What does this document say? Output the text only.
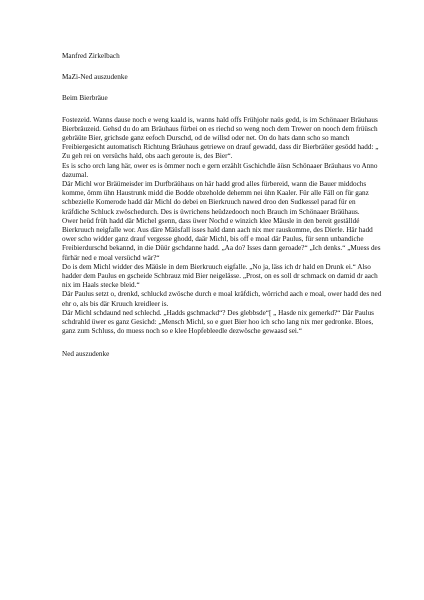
Manfred Zirkelbach

MaZi-Ned auszudenke

Beim Bierbräue

Fostezeid. Wanns dause noch e weng kaald is, wanns hald offs Frühjohr naüs gedd, is im Schönaaer Bräuhaus Bierbräuzeid. Gehsd du do am Bräuhaus fürbei on es riechd so weng noch dem Trewer on nooch dem früüsch gebräüte Bier, grichsde ganz eefoch Durschd, od de willsd oder net. On do hats dann scho so manch Freibiergesicht automatisch Richtung Bräuhaus getriewe on drauf gewadd, dass dir Bierbräüer gesödd hadd: „ Zu geh rei on versüchs hald, obs aach geroute is, des Bier“.

Es is scho orch lang här, ower es is ömmer noch e gern erzählt Gschichdle äüsn Schönaaer Bräuhaus vo Anno dazumal.

Där Michl wor Bräümeisder im Durfbräühaus on här hadd grod alles fürbereid, wann die Bauer middochs komme, ömm ühn Haustrunk midd die Bodde obzeholde dehemm nei ühn Kaaler. Für alle Fäll on für ganz schbezielle Komerode hadd där Michl do debei en Bierkruuch nawed droo den Sudkessel parad für en kräfdiche Schluck zwöschedurch. Des is üwrichens heüdzedooch noch Brauch im Schönaaer Bräühaus.

Ower heüd früh hadd där Michel gsenn, dass üwer Nochd e winzich klee Mäusle in den bereit geställdé Bierkruuch neigfalle wor. Aus däre Mäüsfall isses hald dann aach nix mer rauskomme, des Dierle. Här hadd ower scho widder ganz drauf vergesse ghodd, daär Michl, bis off e moal där Paulus, für senn unbandiche Freibierdurschd bekannd, in die Düür gschdanne hadd. „Aa do? Isses dann geroade?“ „Ich denks.“ „Muess des fürhär ned e moal versüchd wär?“

Do is dem Michl widder des Mäüsle in dem Bierkruuch eigfalle. „No ja, läss ich dr hald en Drunk ei.“ Also hadder dem Paulus en gscheide Schbrauz mid Bier neigelässe. „Prost, on es soll dr schmack on damid dr aach nix im Haals stecke bleid.“

Där Paulus setzt o, drenkd, schluckd zwösche durch e moal kräfdich, wörrichd aach e moal, ower hadd des ned ehr o, als bis där Kruuch kreidleer is.

Där Michl schdaund ned schlechd. „Hadds gschmackd“? Des glebbsde“[ „ Hasde nix gemerkd?“ Där Paulus schdrahld üwer es ganz Gesichd: „Mensch Michl, so e guet Bier hoo ich scho lang nix mer gedronke. Bloes, ganz zum Schluss, do muess noch so e klee Hopfebleedle dezwösche gewaasd sei.“

Ned auszudenke
